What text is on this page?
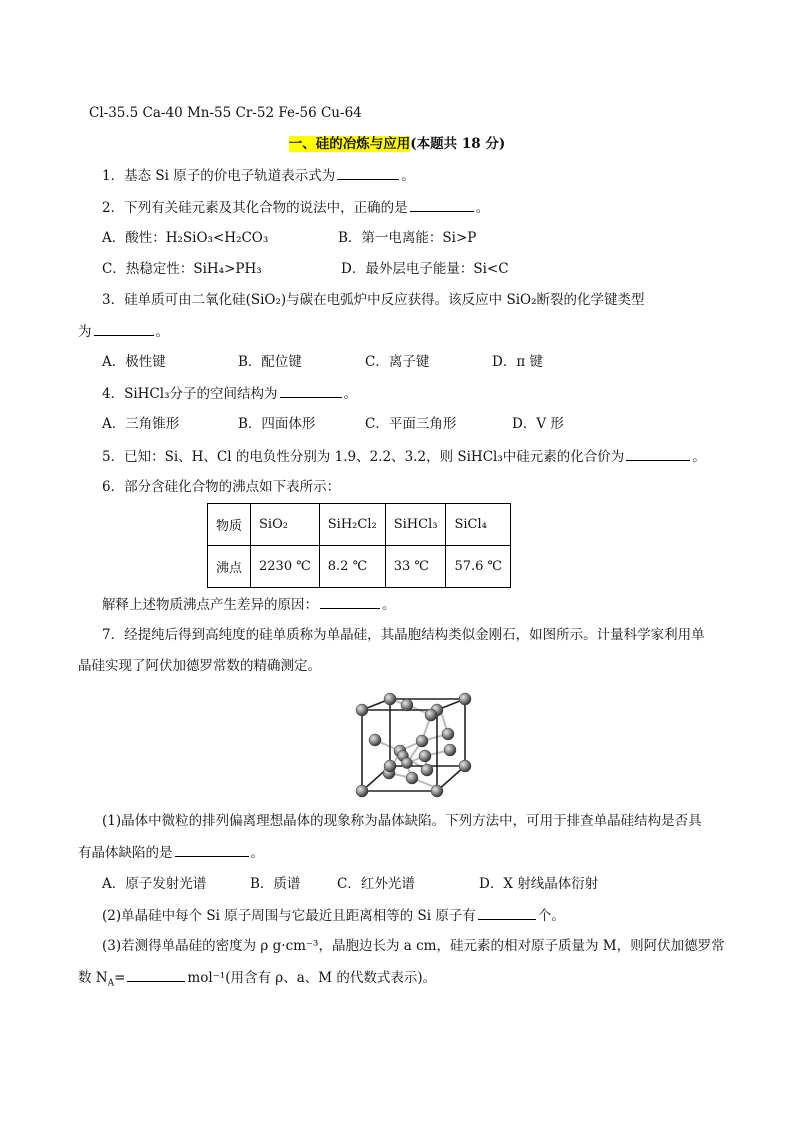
Cl-35.5 Ca-40 Mn-55 Cr-52 Fe-56 Cu-64
一、硅的冶炼与应用(本题共 18 分)
1．基态 Si 原子的价电子轨道表示式为	。
2．下列有关硅元素及其化合物的说法中，正确的是	。
A．酸性：H₂SiO₃<H₂CO₃	B．第一电离能：Si>P
C．热稳定性：SiH₄>PH₃	D．最外层电子能量：Si<C
3．硅单质可由二氧化硅(SiO₂)与碳在电弧炉中反应获得。该反应中 SiO₂断裂的化学键类型
为	。
A．极性键	B．配位键	C．离子键	D．π 键
4．SiHCl₃分子的空间结构为	。
A．三角锥形	B．四面体形	C．平面三角形	D．V 形
5．已知：Si、H、Cl 的电负性分别为 1.9、2.2、3.2，则 SiHCl₃中硅元素的化合价为	。
6．部分含硅化合物的沸点如下表所示：
物质	SiO₂	SiH₂Cl₂	SiHCl₃	SiCl₄
沸点	2230 ℃	8.2 ℃	33 ℃	57.6 ℃
解释上述物质沸点产生差异的原因：	。
7．经提纯后得到高纯度的硅单质称为单晶硅，其晶胞结构类似金刚石，如图所示。计量科学家利用单
晶硅实现了阿伏加德罗常数的精确测定。
(1)晶体中微粒的排列偏离理想晶体的现象称为晶体缺陷。下列方法中，可用于排查单晶硅结构是否具
有晶体缺陷的是	。
A．原子发射光谱	B．质谱	C．红外光谱	D．X 射线晶体衍射
(2)单晶硅中每个 Si 原子周围与它最近且距离相等的 Si 原子有	个。
(3)若测得单晶硅的密度为 ρ g·cm⁻³，晶胞边长为 a cm，硅元素的相对原子质量为 M，则阿伏加德罗常
数 $N_A=$	mol⁻¹(用含有 ρ、a、M 的代数式表示)。
